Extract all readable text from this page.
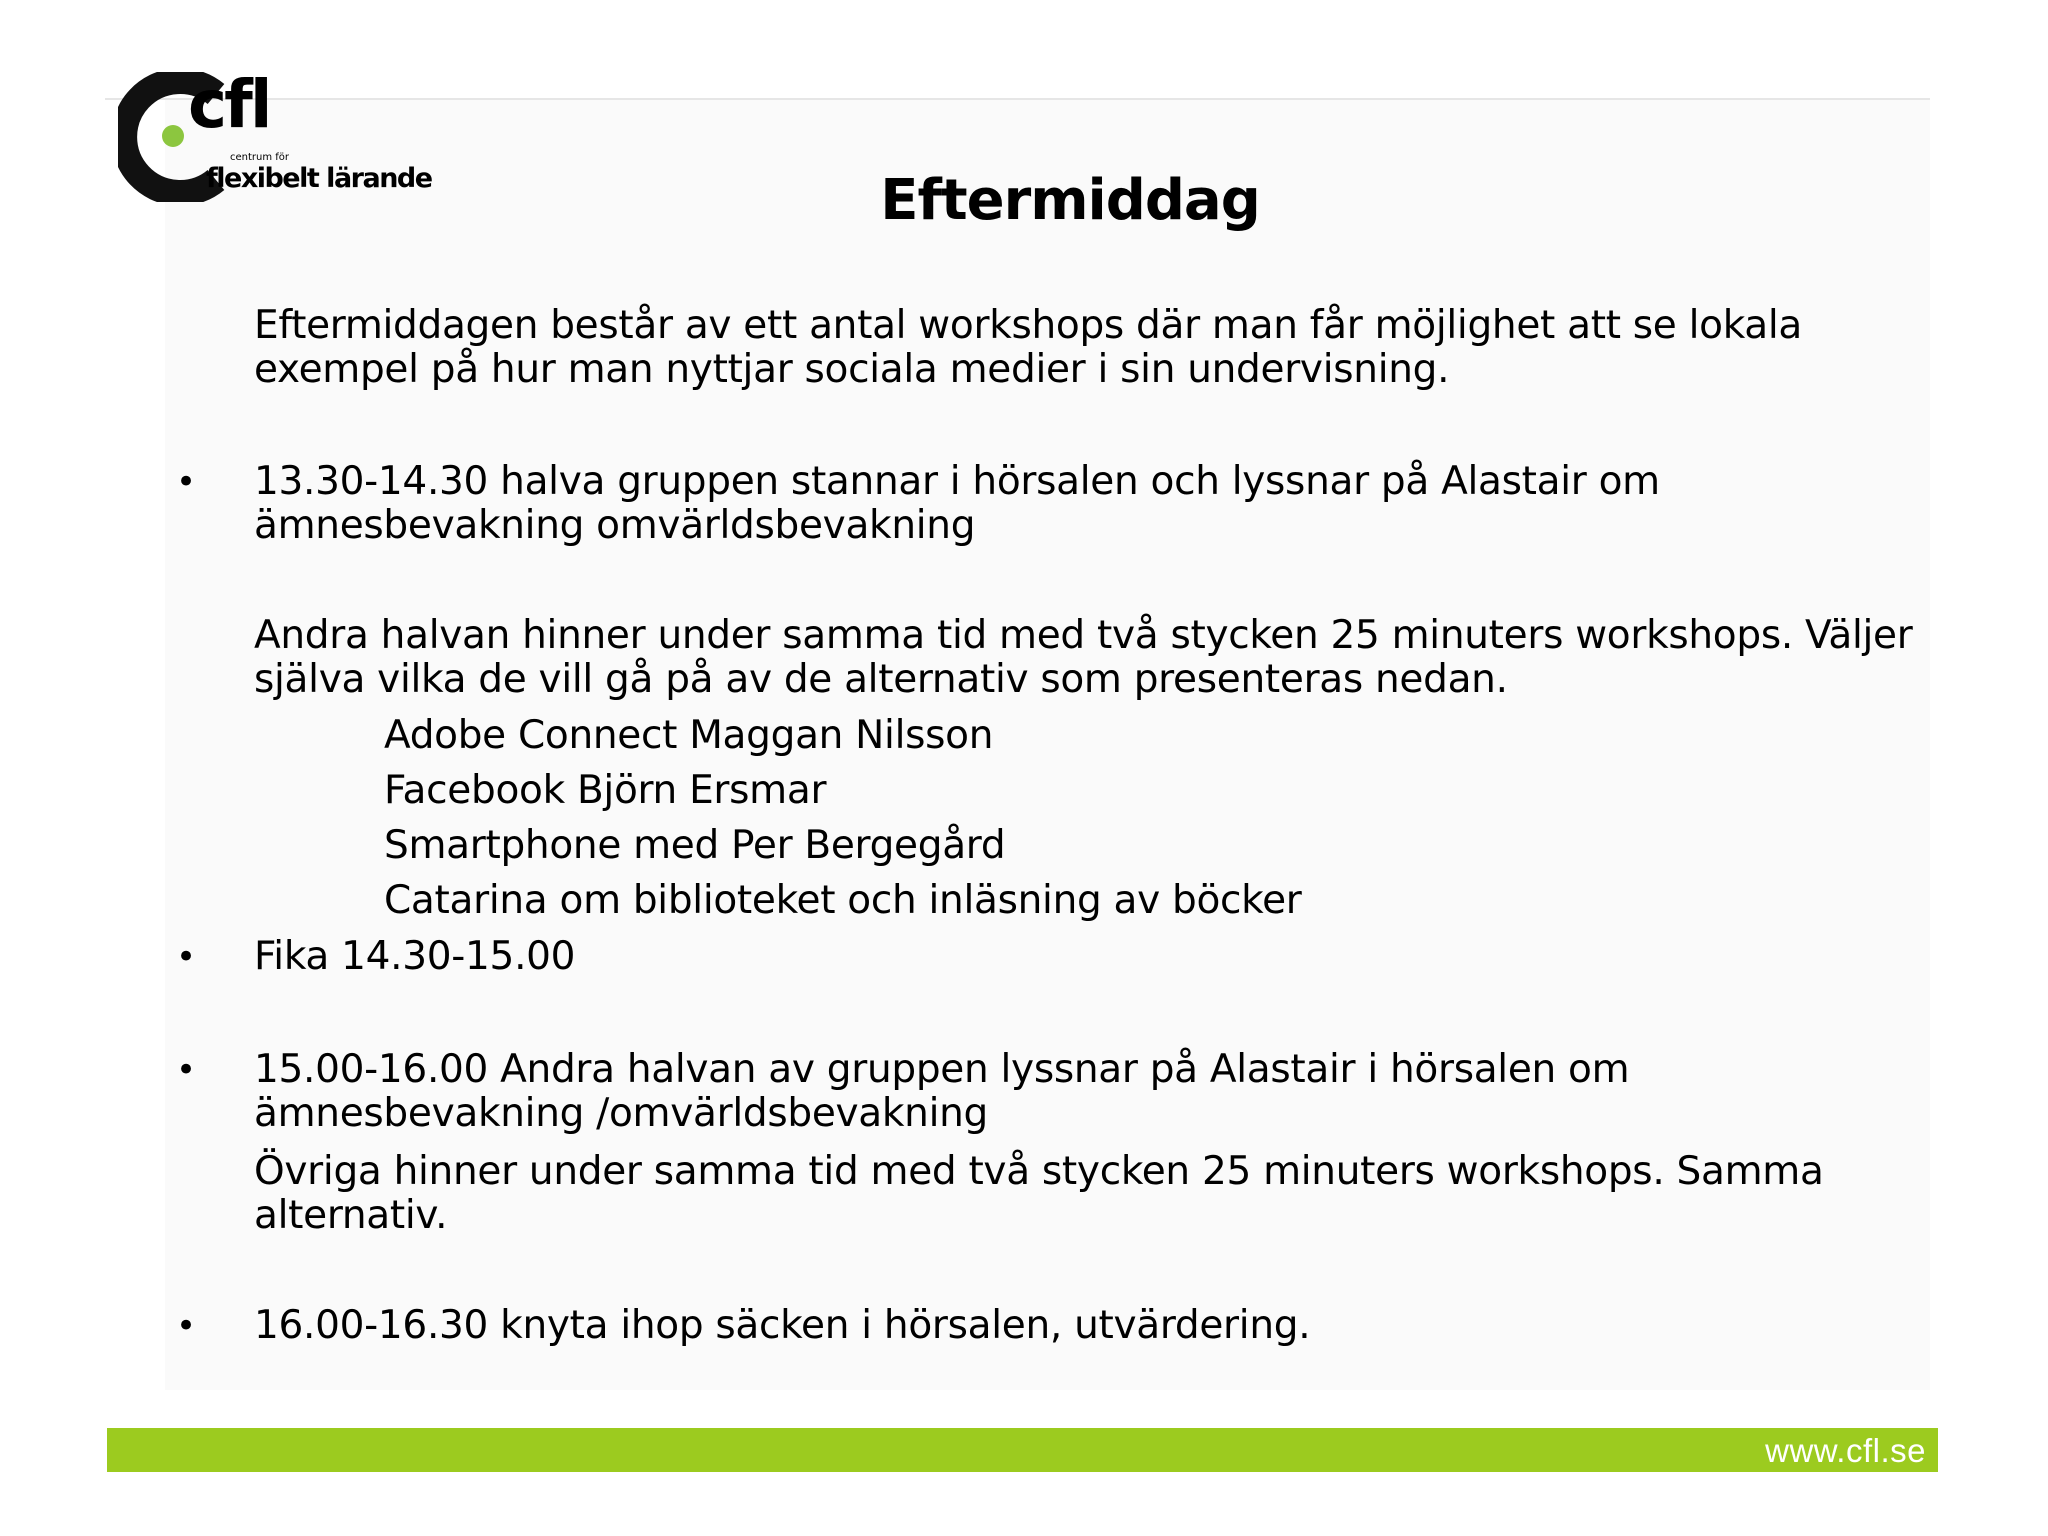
cfl
centrum för
flexibelt lärande	Eftermiddag

Eftermiddagen består av ett antal workshops där man får möjlighet att se lokala exempel på hur man nyttjar sociala medier i sin undervisning.

• 13.30-14.30 halva gruppen stannar i hörsalen och lyssnar på Alastair om ämnesbevakning omvärldsbevakning

Andra halvan hinner under samma tid med två stycken 25 minuters workshops. Väljer själva vilka de vill gå på av de alternativ som presenteras nedan.

Adobe Connect Maggan Nilsson
Facebook Björn Ersmar
Smartphone med Per Bergegård
Catarina om biblioteket och inläsning av böcker
• Fika 14.30-15.00

• 15.00-16.00 Andra halvan av gruppen lyssnar på Alastair i hörsalen om ämnesbevakning /omvärldsbevakning

Övriga hinner under samma tid med två stycken 25 minuters workshops. Samma alternativ.

• 16.00-16.30 knyta ihop säcken i hörsalen, utvärdering.

www.cfl.se
